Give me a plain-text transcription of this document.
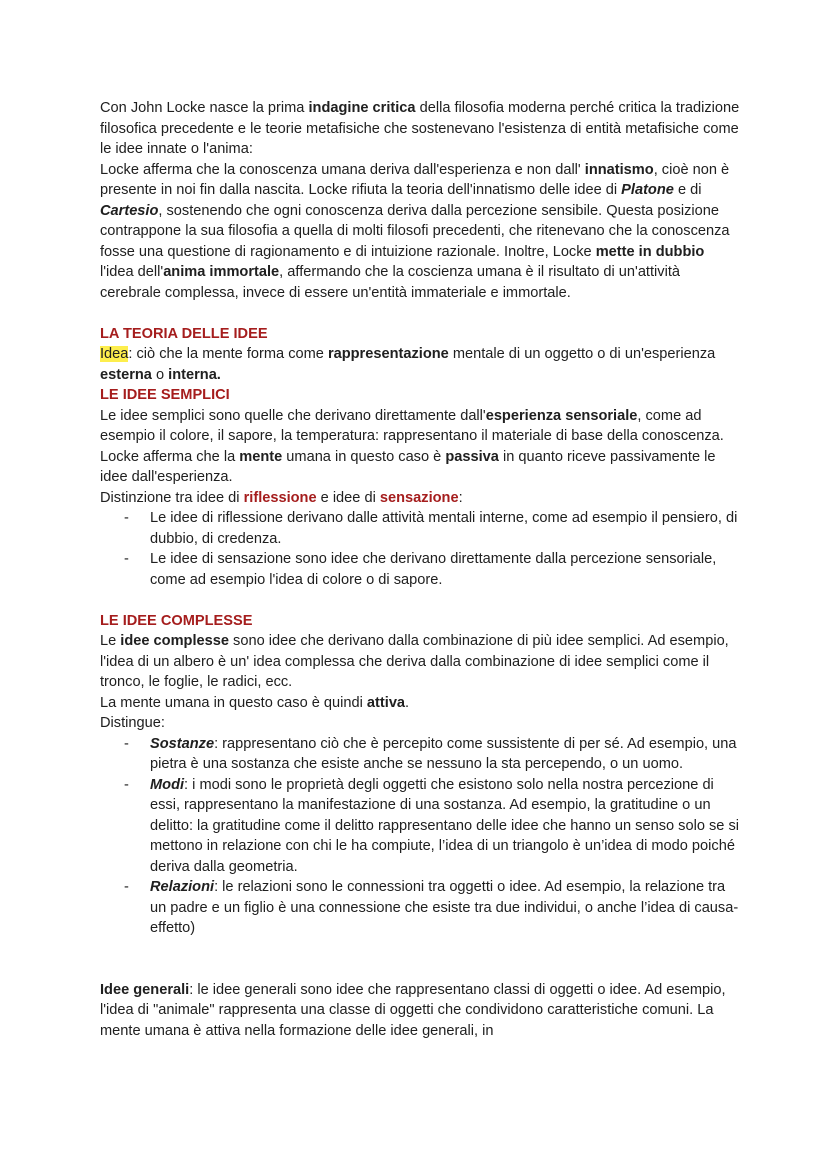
Con John Locke nasce la prima indagine critica della filosofia moderna perché critica la tradizione filosofica precedente e le teorie metafisiche che sostenevano l'esistenza di entità metafisiche come le idee innate o l'anima:
Locke afferma che la conoscenza umana deriva dall'esperienza e non dall' innatismo, cioè non è presente in noi fin dalla nascita. Locke rifiuta la teoria dell'innatismo delle idee di Platone e di Cartesio, sostenendo che ogni conoscenza deriva dalla percezione sensibile. Questa posizione contrappone la sua filosofia a quella di molti filosofi precedenti, che ritenevano che la conoscenza fosse una questione di ragionamento e di intuizione razionale. Inoltre, Locke mette in dubbio l'idea dell'anima immortale, affermando che la coscienza umana è il risultato di un'attività cerebrale complessa, invece di essere un'entità immateriale e immortale.

LA TEORIA DELLE IDEE

Idea: ciò che la mente forma come rappresentazione mentale di un oggetto o di un'esperienza esterna o interna.

LE IDEE SEMPLICI

Le idee semplici sono quelle che derivano direttamente dall'esperienza sensoriale, come ad esempio il colore, il sapore, la temperatura: rappresentano il materiale di base della conoscenza. Locke afferma che la mente umana in questo caso è passiva in quanto riceve passivamente le idee dall'esperienza.

Distinzione tra idee di riflessione e idee di sensazione:

- Le idee di riflessione derivano dalle attività mentali interne, come ad esempio il pensiero, di dubbio, di credenza.
- Le idee di sensazione sono idee che derivano direttamente dalla percezione sensoriale, come ad esempio l'idea di colore o di sapore.

LE IDEE COMPLESSE

Le idee complesse sono idee che derivano dalla combinazione di più idee semplici. Ad esempio, l'idea di un albero è un' idea complessa che deriva dalla combinazione di idee semplici come il tronco, le foglie, le radici, ecc.
La mente umana in questo caso è quindi attiva.
Distingue:

- Sostanze: rappresentano ciò che è percepito come sussistente di per sé. Ad esempio, una pietra è una sostanza che esiste anche se nessuno la sta percependo, o un uomo.
- Modi: i modi sono le proprietà degli oggetti che esistono solo nella nostra percezione di essi, rappresentano la manifestazione di una sostanza. Ad esempio, la gratitudine o un delitto: la gratitudine come il delitto rappresentano delle idee che hanno un senso solo se si mettono in relazione con chi le ha compiute, l’idea di un triangolo è un’idea di modo poiché deriva dalla geometria.
- Relazioni: le relazioni sono le connessioni tra oggetti o idee. Ad esempio, la relazione tra un padre e un figlio è una connessione che esiste tra due individui, o anche l’idea di causa-effetto)

Idee generali: le idee generali sono idee che rappresentano classi di oggetti o idee. Ad esempio, l'idea di "animale" rappresenta una classe di oggetti che condividono caratteristiche comuni. La mente umana è attiva nella formazione delle idee generali, in
